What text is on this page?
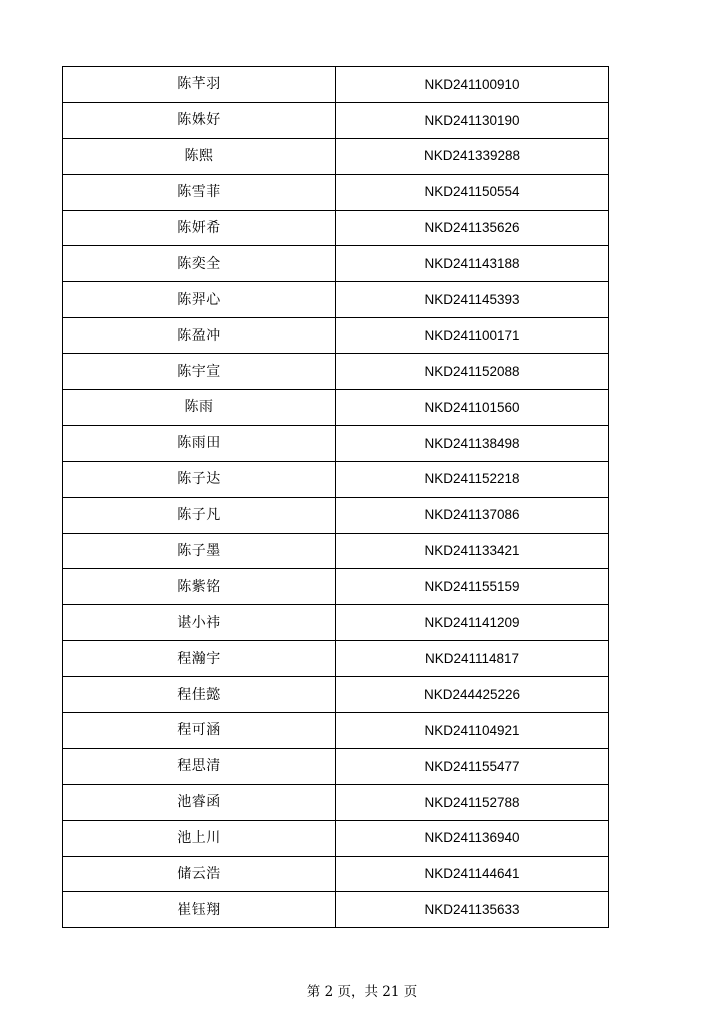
陈芊羽	NKD241100910
陈姝好	NKD241130190
陈熙	NKD241339288
陈雪菲	NKD241150554
陈妍希	NKD241135626
陈奕全	NKD241143188
陈羿心	NKD241145393
陈盈冲	NKD241100171
陈宇宣	NKD241152088
陈雨	NKD241101560
陈雨田	NKD241138498
陈子达	NKD241152218
陈子凡	NKD241137086
陈子墨	NKD241133421
陈紫铭	NKD241155159
谌小祎	NKD241141209
程瀚宇	NKD241114817
程佳懿	NKD244425226
程可涵	NKD241104921
程思清	NKD241155477
池睿函	NKD241152788
池上川	NKD241136940
储云浩	NKD241144641
崔钰翔	NKD241135633
第 2 页，共 21 页
